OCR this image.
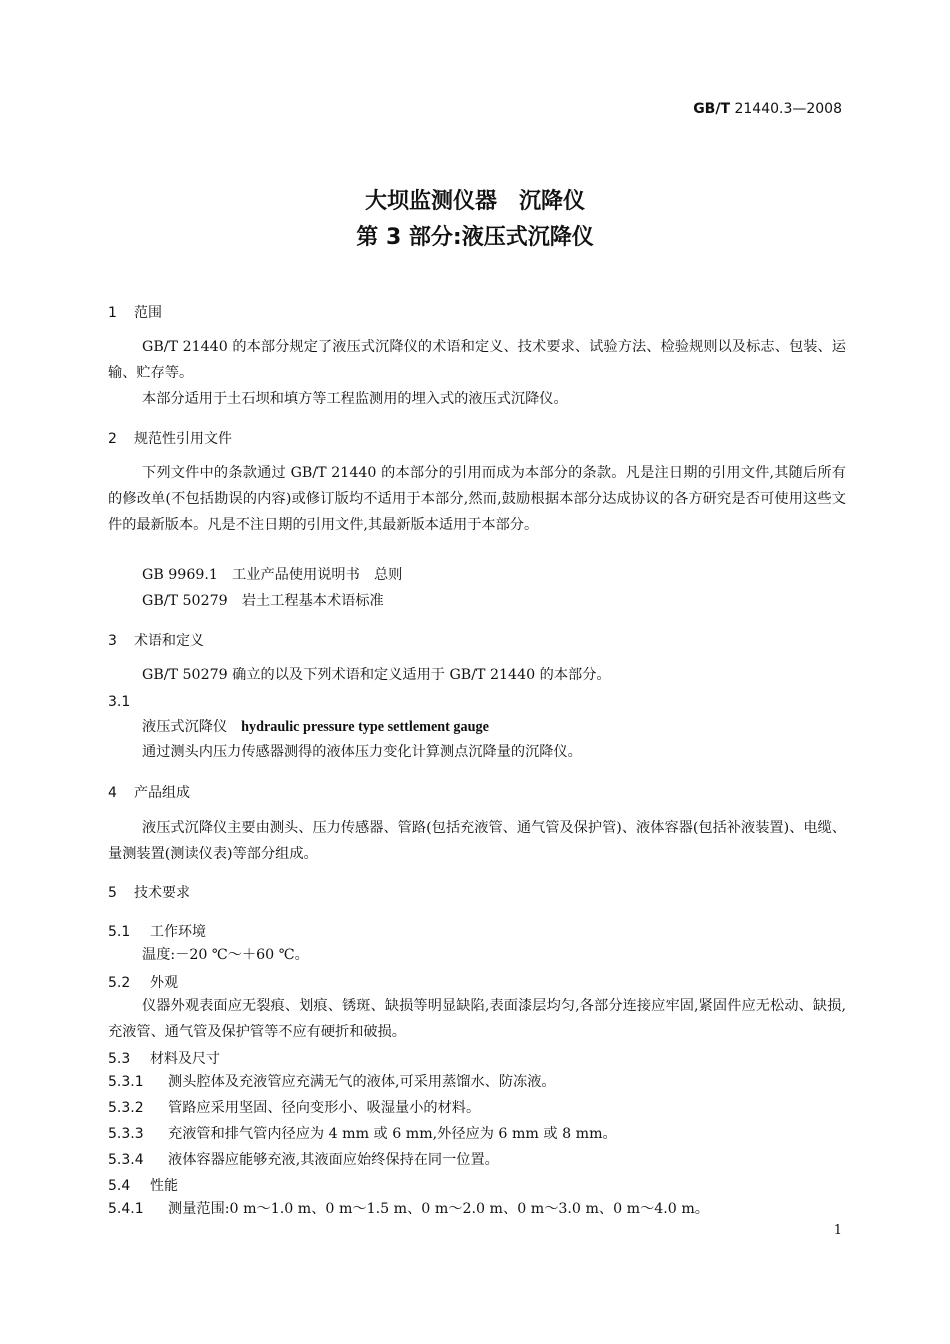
GB/T 21440.3—2008
大坝监测仪器　沉降仪
第 3 部分:液压式沉降仪
1 范围
GB/T 21440 的本部分规定了液压式沉降仪的术语和定义、技术要求、试验方法、检验规则以及标志、包装、运输、贮存等。
本部分适用于土石坝和填方等工程监测用的埋入式的液压式沉降仪。
2 规范性引用文件
下列文件中的条款通过 GB/T 21440 的本部分的引用而成为本部分的条款。凡是注日期的引用文件,其随后所有的修改单(不包括勘误的内容)或修订版均不适用于本部分,然而,鼓励根据本部分达成协议的各方研究是否可使用这些文件的最新版本。凡是不注日期的引用文件,其最新版本适用于本部分。
GB 9969.1　工业产品使用说明书　总则
GB/T 50279　岩土工程基本术语标准
3 术语和定义
GB/T 50279 确立的以及下列术语和定义适用于 GB/T 21440 的本部分。
3.1
液压式沉降仪 hydraulic pressure type settlement gauge
通过测头内压力传感器测得的液体压力变化计算测点沉降量的沉降仪。
4 产品组成
液压式沉降仪主要由测头、压力传感器、管路(包括充液管、通气管及保护管)、液体容器(包括补液装置)、电缆、量测装置(测读仪表)等部分组成。
5 技术要求
5.1 工作环境
温度:－20 ℃～＋60 ℃。
5.2 外观
仪器外观表面应无裂痕、划痕、锈斑、缺损等明显缺陷,表面漆层均匀,各部分连接应牢固,紧固件应无松动、缺损,充液管、通气管及保护管等不应有硬折和破损。
5.3 材料及尺寸
5.3.1 测头腔体及充液管应充满无气的液体,可采用蒸馏水、防冻液。
5.3.2 管路应采用坚固、径向变形小、吸湿量小的材料。
5.3.3 充液管和排气管内径应为 4 mm 或 6 mm,外径应为 6 mm 或 8 mm。
5.3.4 液体容器应能够充液,其液面应始终保持在同一位置。
5.4 性能
5.4.1 测量范围:0 m～1.0 m、0 m～1.5 m、0 m～2.0 m、0 m～3.0 m、0 m～4.0 m。
1
